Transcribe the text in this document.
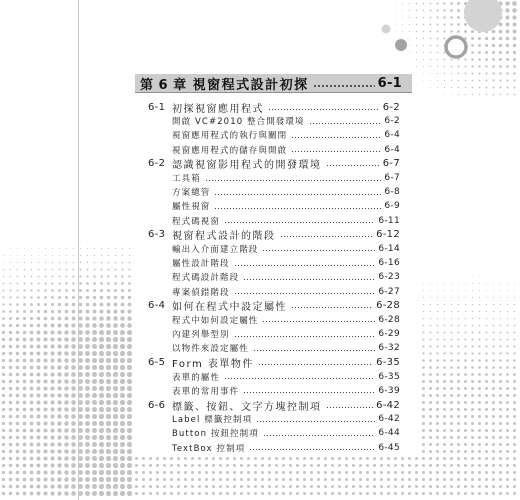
第 6 章 視窗程式設計初探	6-1
6-1 初探視窗應用程式	6-2
開啟 VC#2010 整合開發環境	6-2
視窗應用程式的執行與關閉	6-4
視窗應用程式的儲存與開啟	6-4
6-2 認識視窗影用程式的開發環境	6-7
工具箱	6-7
方案總管	6-8
屬性視窗	6-9
程式碼視窗	6-11
6-3 視窗程式設計的階段	6-12
輸出入介面建立階段	6-14
屬性設計階段	6-16
程式碼設計階段	6-23
專案偵錯階段	6-27
6-4 如何在程式中設定屬性	6-28
程式中如何設定屬性	6-28
內建列舉型別	6-29
以物件來設定屬性	6-32
6-5 Form 表單物件	6-35
表單的屬性	6-35
表單的常用事件	6-39
6-6 標籤、按鈕、文字方塊控制項	6-42
Label 標籤控制項	6-42
Button 按鈕控制項	6-44
TextBox 控制項	6-45
